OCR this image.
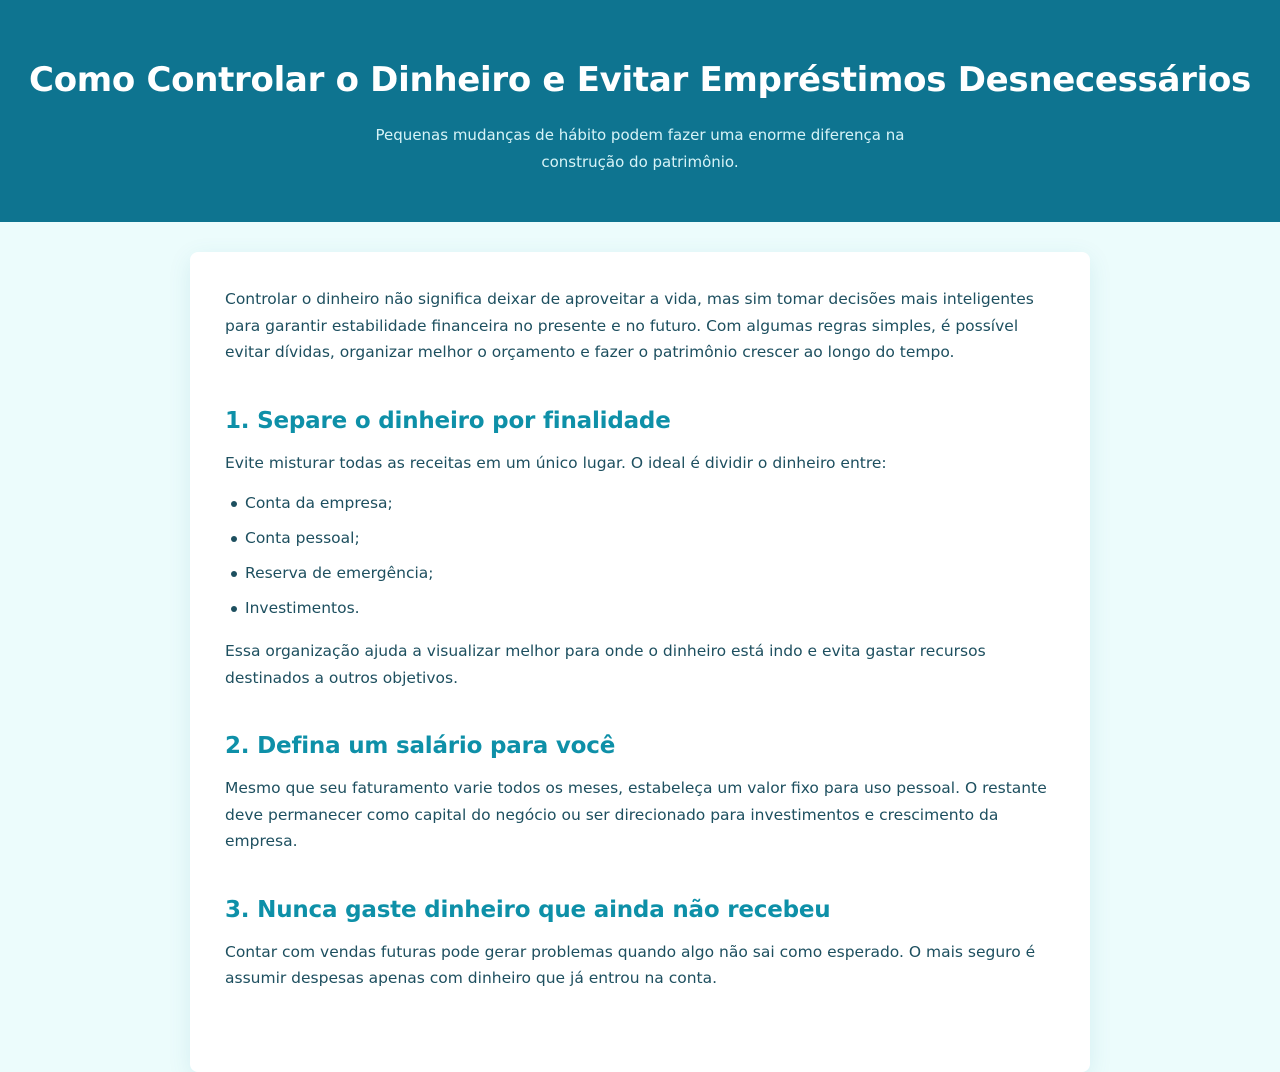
Como Controlar o Dinheiro e Evitar Empréstimos Desnecessários

Pequenas mudanças de hábito podem fazer uma enorme diferença na construção do patrimônio.

Controlar o dinheiro não significa deixar de aproveitar a vida, mas sim tomar decisões mais inteligentes para garantir estabilidade financeira no presente e no futuro. Com algumas regras simples, é possível evitar dívidas, organizar melhor o orçamento e fazer o patrimônio crescer ao longo do tempo.

1. Separe o dinheiro por finalidade

Evite misturar todas as receitas em um único lugar. O ideal é dividir o dinheiro entre:

Conta da empresa;
Conta pessoal;
Reserva de emergência;
Investimentos.

Essa organização ajuda a visualizar melhor para onde o dinheiro está indo e evita gastar recursos destinados a outros objetivos.

2. Defina um salário para você

Mesmo que seu faturamento varie todos os meses, estabeleça um valor fixo para uso pessoal. O restante deve permanecer como capital do negócio ou ser direcionado para investimentos e crescimento da empresa.

3. Nunca gaste dinheiro que ainda não recebeu

Contar com vendas futuras pode gerar problemas quando algo não sai como esperado. O mais seguro é assumir despesas apenas com dinheiro que já entrou na conta.
